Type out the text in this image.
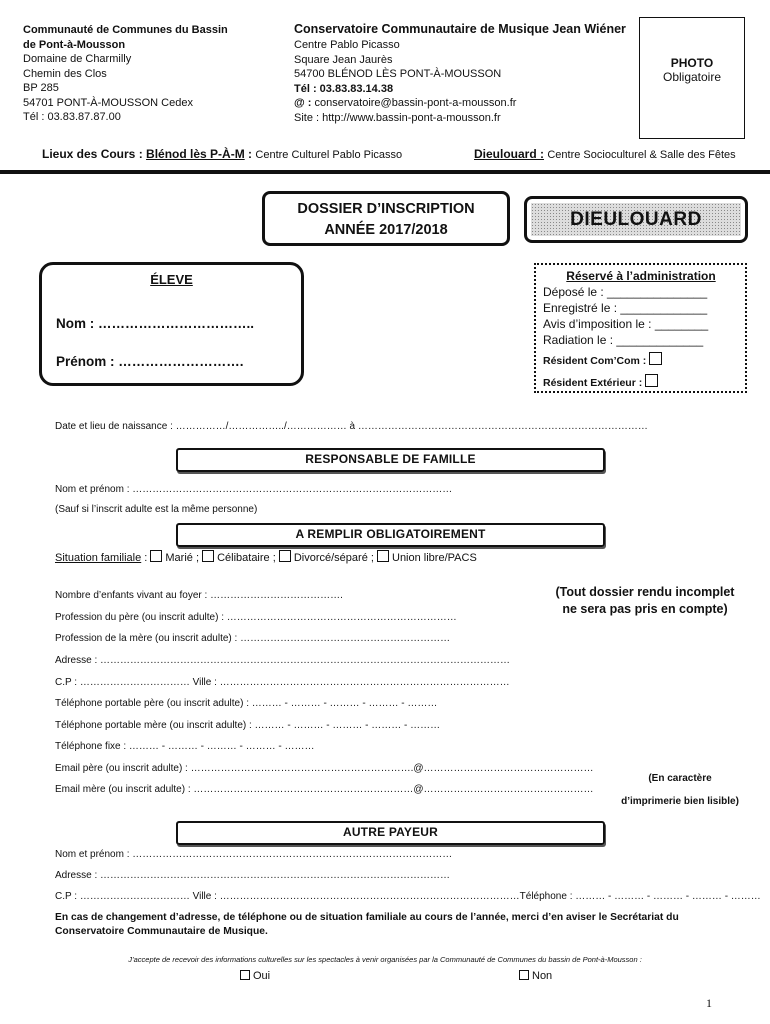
Communauté de Communes du Bassin
de Pont-à-Mousson
Domaine de Charmilly
Chemin des Clos
BP 285
54701 PONT-À-MOUSSON Cedex
Tél : 03.83.87.87.00
Conservatoire Communautaire de Musique Jean Wiéner
Centre Pablo Picasso
Square Jean Jaurès
54700 BLÉNOD LÈS PONT-À-MOUSSON
Tél : 03.83.83.14.38
@ : conservatoire@bassin-pont-a-mousson.fr
Site : http://www.bassin-pont-a-mousson.fr
PHOTO
Obligatoire
Lieux des Cours : Blénod lès P-À-M : Centre Culturel Pablo Picasso	Dieulouard : Centre Socioculturel & Salle des Fêtes
DOSSIER D’INSCRIPTION
ANNÉE 2017/2018	DIEULOUARD
ÉLEVE
Nom : ……………………………..
Prénom : ……………………….
Réservé à l’administration
Déposé le : _______________
Enregistré le : _____________
Avis d’imposition le : ________
Radiation le : _____________
Résident Com’Com :
Résident Extérieur :
Date et lieu de naissance : ……………/……………../……………… à ……………………………………………………………………………
RESPONSABLE DE FAMILLE
Nom et prénom : ……………………………………………………………………………………
(Sauf si l’inscrit adulte est la même personne)
A REMPLIR OBLIGATOIREMENT
Situation familiale : Marié ; Célibataire ; Divorcé/séparé ; Union libre/PACS
Nombre d’enfants vivant au foyer : ………………………………….
Profession du père (ou inscrit adulte) : ……………………………………………………………
Profession de la mère (ou inscrit adulte) : ………………………………………………………
Adresse : ……………………………………………………………………………………………………………
C.P : …………………………… Ville : ……………………………………………………………………………
Téléphone portable père (ou inscrit adulte) : ……… - ……… - ……… - ……… - ………
Téléphone portable mère (ou inscrit adulte) : ……… - ……… - ……… - ……… - ………
Téléphone fixe : ……… - ……… - ……… - ……… - ………
Email père (ou inscrit adulte) : ………………………………………………………….@……………………………………………
Email mère (ou inscrit adulte) : …………………………………………………………@……………………………………………
(Tout dossier rendu incomplet
ne sera pas pris en compte)
(En caractère
d’imprimerie bien lisible)
AUTRE PAYEUR
Nom et prénom : ……………………………………………………………………………………
Adresse : ……………………………………………………………………………………………
C.P : …………………………… Ville : ………………………………………………………………………………Téléphone : ……… - ……… - ……… - ……… - ………
En cas de changement d’adresse, de téléphone ou de situation familiale au cours de l’année, merci d’en aviser le Secrétariat du Conservatoire Communautaire de Musique.
J’accepte de recevoir des informations culturelles sur les spectacles à venir organisées par la Communauté de Communes du bassin de Pont-à-Mousson :
Oui	Non
1
